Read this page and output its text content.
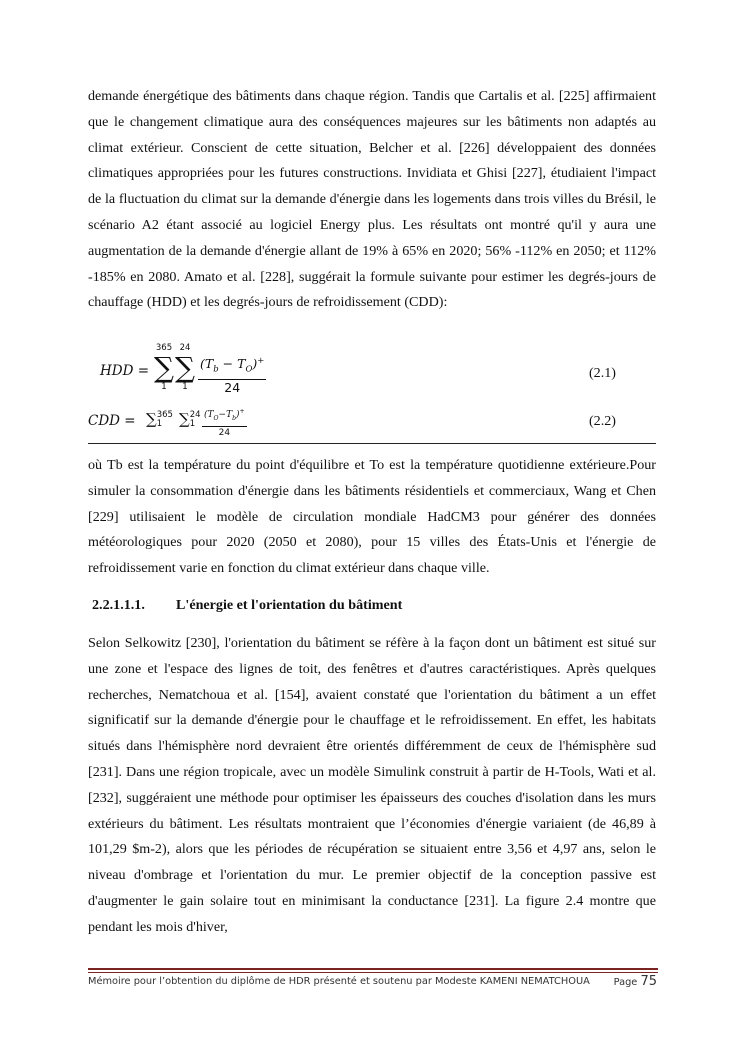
demande énergétique des bâtiments dans chaque région. Tandis que Cartalis et al. [225] affirmaient que le changement climatique aura des conséquences majeures sur les bâtiments non adaptés au climat extérieur. Conscient de cette situation, Belcher et al. [226] développaient des données climatiques appropriées pour les futures constructions. Invidiata et Ghisi [227], étudiaient l'impact de la fluctuation du climat sur la demande d'énergie dans les logements dans trois villes du Brésil, le scénario A2 étant associé au logiciel Energy plus. Les résultats ont montré qu'il y aura une augmentation de la demande d'énergie allant de 19% à 65% en 2020; 56% -112% en 2050; et 112% -185% en 2080. Amato et al. [228], suggérait la formule suivante pour estimer les degrés-jours de chauffage (HDD) et les degrés-jours de refroidissement (CDD):

HDD =
365
∑
1
24
∑
$1 \frac{(T_b - T_O)^+}{24}$	(2.1)
CDD = ∑ 365
1	∑ 24
$1 \frac{(T_O-T_b)^+}{24}$	(2.2)

où Tb est la température du point d'équilibre et To est la température quotidienne extérieure.Pour simuler la consommation d'énergie dans les bâtiments résidentiels et commerciaux, Wang et Chen [229] utilisaient le modèle de circulation mondiale HadCM3 pour générer des données météorologiques pour 2020 (2050 et 2080), pour 15 villes des États-Unis et l'énergie de refroidissement varie en fonction du climat extérieur dans chaque ville.

2.2.1.1.1. L'énergie et l'orientation du bâtiment

Selon Selkowitz [230], l'orientation du bâtiment se réfère à la façon dont un bâtiment est situé sur une zone et l'espace des lignes de toit, des fenêtres et d'autres caractéristiques. Après quelques recherches, Nematchoua et al. [154], avaient constaté que l'orientation du bâtiment a un effet significatif sur la demande d'énergie pour le chauffage et le refroidissement. En effet, les habitats situés dans l'hémisphère nord devraient être orientés différemment de ceux de l'hémisphère sud [231]. Dans une région tropicale, avec un modèle Simulink construit à partir de H-Tools, Wati et al. [232], suggéraient une méthode pour optimiser les épaisseurs des couches d'isolation dans les murs extérieurs du bâtiment. Les résultats montraient que l’économies d'énergie variaient (de 46,89 à 101,29 $m-2), alors que les périodes de récupération se situaient entre 3,56 et 4,97 ans, selon le niveau d'ombrage et l'orientation du mur. Le premier objectif de la conception passive est d'augmenter le gain solaire tout en minimisant la conductance [231]. La figure 2.4 montre que pendant les mois d'hiver,

Mémoire pour l’obtention du diplôme de HDR présenté et soutenu par Modeste KAMENI NEMATCHOUA Page 75
